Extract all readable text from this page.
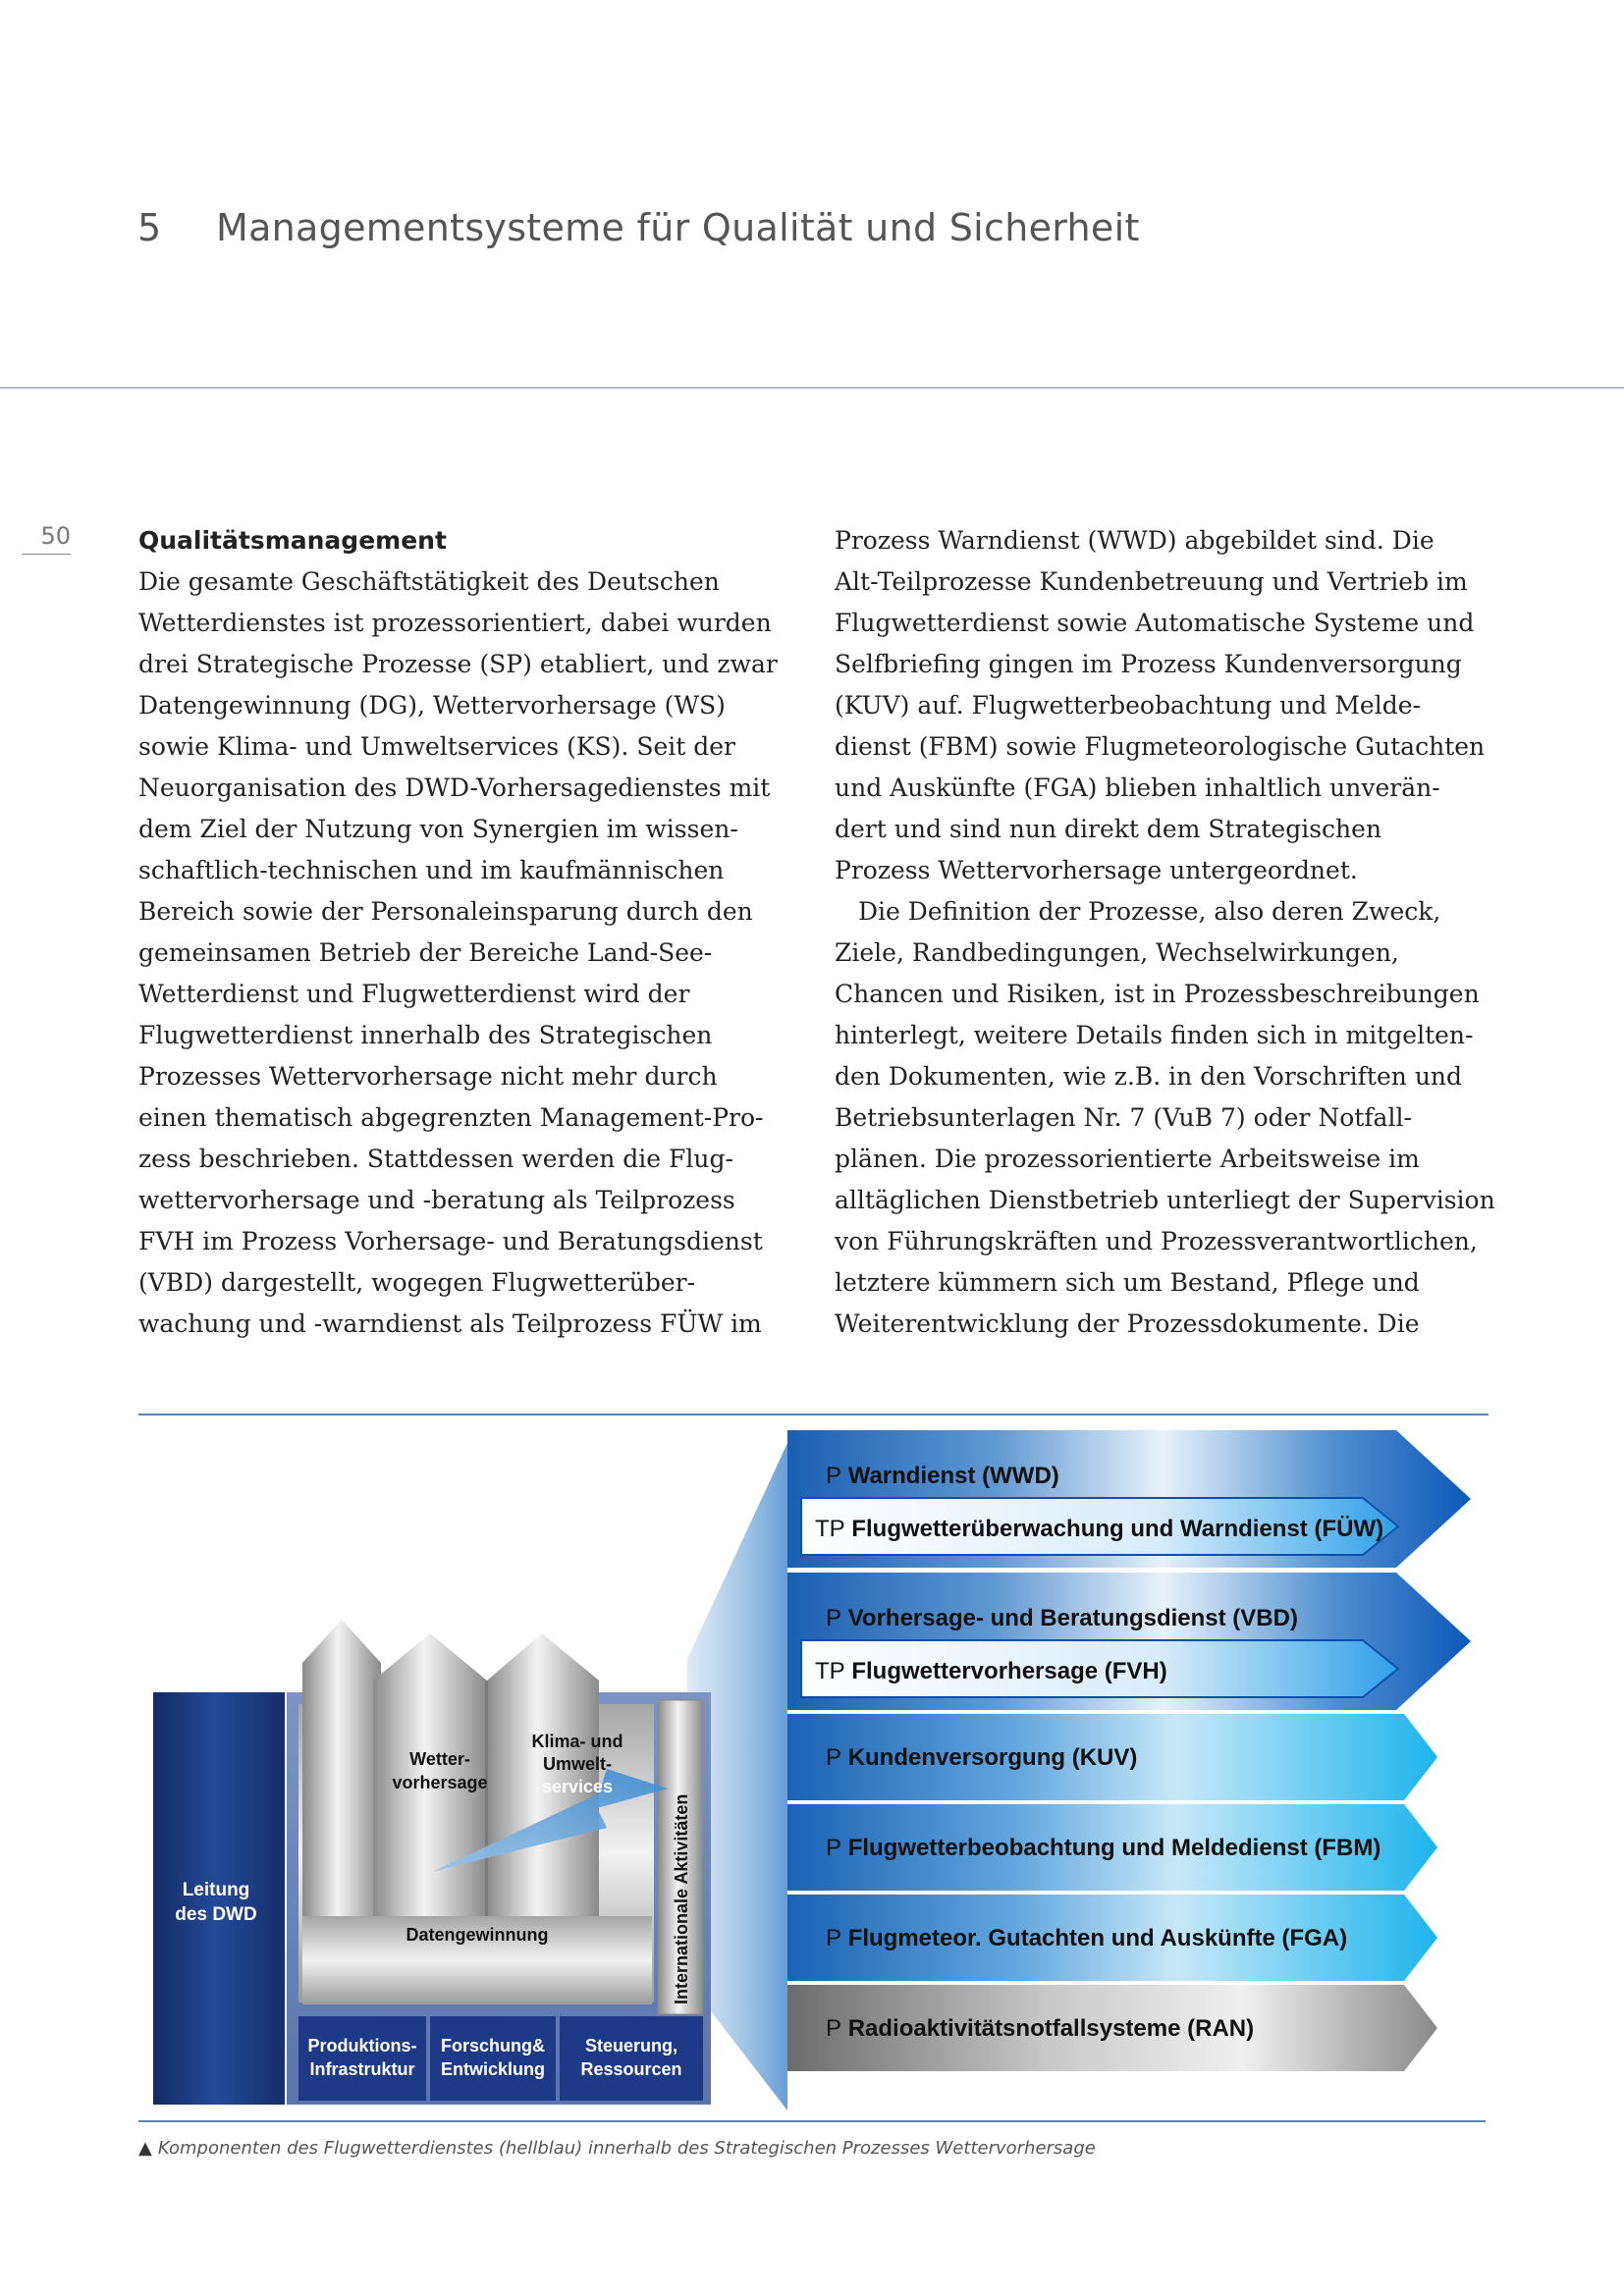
5 Managementsysteme für Qualität und Sicherheit
50	Qualitätsmanagement
Die gesamte Geschäftstätigkeit des Deutschen
Wetterdienstes ist prozessorientiert, dabei wurden
drei Strategische Prozesse (SP) etabliert, und zwar
Datengewinnung (DG), Wettervorhersage (WS)
sowie Klima- und Umweltservices (KS). Seit der
Neuorganisation des DWD-Vorhersagedienstes mit
dem Ziel der Nutzung von Synergien im wissen-
schaftlich-technischen und im kaufmännischen
Bereich sowie der Personaleinsparung durch den
gemeinsamen Betrieb der Bereiche Land-See-
Wetterdienst und Flugwetterdienst wird der
Flugwetterdienst innerhalb des Strategischen
Prozesses Wettervorhersage nicht mehr durch
einen thematisch abgegrenzten Management-Pro-
zess beschrieben. Stattdessen werden die Flug-
wettervorhersage und -beratung als Teilprozess
FVH im Prozess Vorhersage- und Beratungsdienst
(VBD) dargestellt, wogegen Flugwetterüber-
wachung und -warndienst als Teilprozess FÜW im
Prozess Warndienst (WWD) abgebildet sind. Die
Alt-Teilprozesse Kundenbetreuung und Vertrieb im
Flugwetterdienst sowie Automatische Systeme und
Selfbriefing gingen im Prozess Kundenversorgung
(KUV) auf. Flugwetterbeobachtung und Melde-
dienst (FBM) sowie Flugmeteorologische Gutachten
und Auskünfte (FGA) blieben inhaltlich unverän-
dert und sind nun direkt dem Strategischen
Prozess Wettervorhersage untergeordnet.
Die Definition der Prozesse, also deren Zweck,
Ziele, Randbedingungen, Wechselwirkungen,
Chancen und Risiken, ist in Prozessbeschreibungen
hinterlegt, weitere Details finden sich in mitgelten-
den Dokumenten, wie z.B. in den Vorschriften und
Betriebsunterlagen Nr. 7 (VuB 7) oder Notfall-
plänen. Die prozessorientierte Arbeitsweise im
alltäglichen Dienstbetrieb unterliegt der Supervision
von Führungskräften und Prozessverantwortlichen,
letztere kümmern sich um Bestand, Pflege und
Weiterentwicklung der Prozessdokumente. Die
P Warndienst (WWD)
TP Flugwetterüberwachung und Warndienst (FÜW)
P Vorhersage- und Beratungsdienst (VBD)
TP Flugwettervorhersage (FVH)
P Kundenversorgung (KUV)
P Flugwetterbeobachtung und Meldedienst (FBM)
P Flugmeteor. Gutachten und Auskünfte (FGA)
P Radioaktivitätsnotfallsysteme (RAN)
Leitung
des DWD	Internationale Aktivitäten
Wetter-
vorhersage
Klima- und
Umwelt-
services
Datengewinnung
Produktions-
Infrastruktur
Forschung&
Entwicklung
Steuerung,
Ressourcen
▲ Komponenten des Flugwetterdienstes (hellblau) innerhalb des Strategischen Prozesses Wettervorhersage
